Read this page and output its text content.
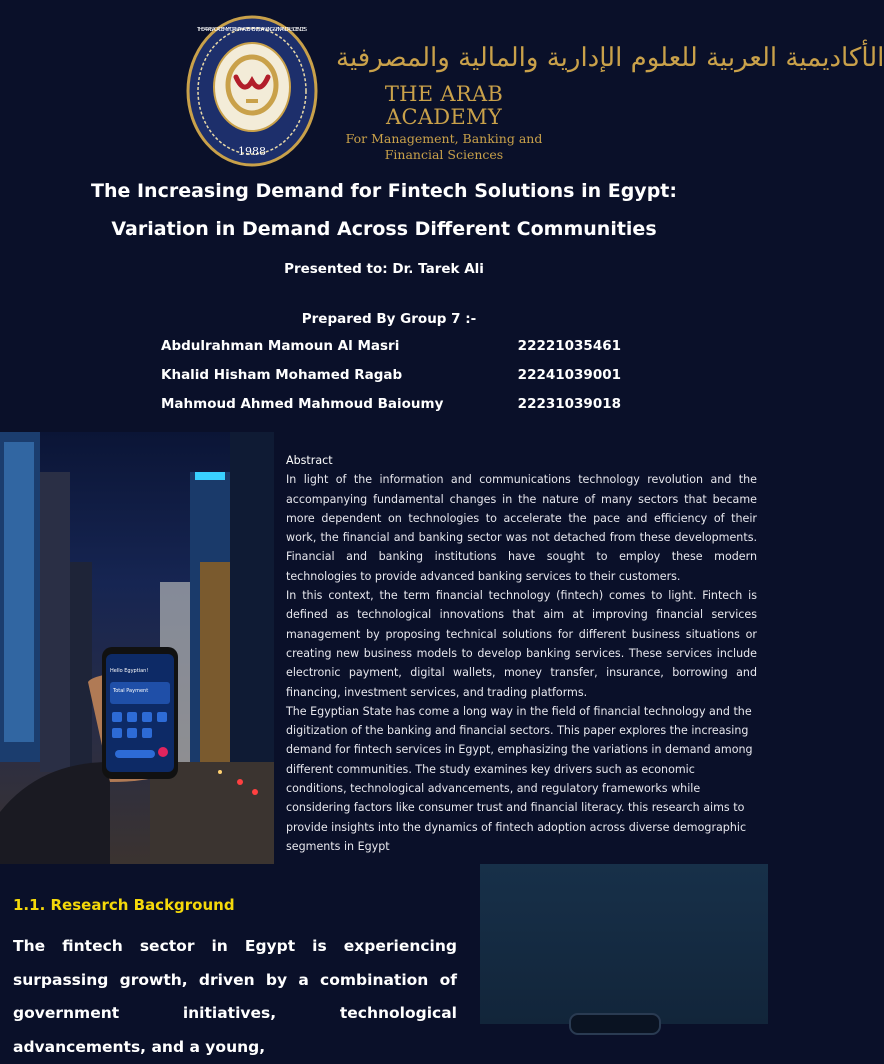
1988
THE ARAB ACADEMY FOR MANAGEMENT, BANKING & FINANCIAL SCIENCES
الأكاديمية العربية للعلوم الإدارية والمالية والمصرفية
THE ARAB ACADEMY
For Management, Banking and
Financial Sciences
The Increasing Demand for Fintech Solutions in Egypt:
Variation in Demand Across Different Communities
Presented to: Dr. Tarek Ali
Prepared By Group 7 :-
Abdulrahman Mamoun Al Masri	22221035461
Khalid Hisham Mohamed Ragab	22241039001
Mahmoud Ahmed Mahmoud Baioumy	22231039018
Hello Egyptian!
Total Payment

Abstract

In light of the information and communications technology revolution and the accompanying fundamental changes in the nature of many sectors that became more dependent on technologies to accelerate the pace and efficiency of their work, the financial and banking sector was not detached from these developments. Financial and banking institutions have sought to employ these modern technologies to provide advanced banking services to their customers.

In this context, the term financial technology (fintech) comes to light. Fintech is defined as technological innovations that aim at improving financial services management by proposing technical solutions for different business situations or creating new business models to develop banking services. These services include electronic payment, digital wallets, money transfer, insurance, borrowing and financing, investment services, and trading platforms.

The Egyptian State has come a long way in the field of financial technology and the digitization of the banking and financial sectors. This paper explores the increasing demand for fintech services in Egypt, emphasizing the variations in demand among different communities. The study examines key drivers such as economic conditions, technological advancements, and regulatory frameworks while considering factors like consumer trust and financial literacy. this research aims to provide insights into the dynamics of fintech adoption across diverse demographic segments in Egypt

1.1. Research Background
The fintech sector in Egypt is experiencing surpassing growth, driven by a combination of government initiatives, technological advancements, and a young,
